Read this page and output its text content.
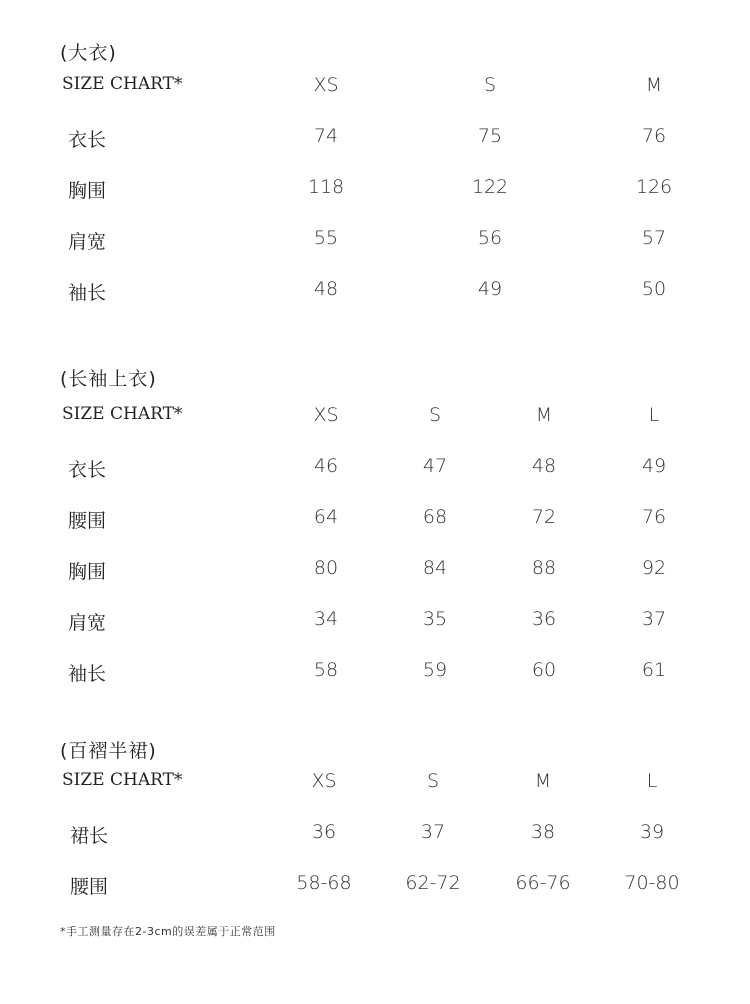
(大衣)
SIZE CHART*	XS	S	M
衣长	74	75	76
胸围	118	122	126
肩宽	55	56	57
袖长	48	49	50
(长袖上衣)
SIZE CHART*	XS	S	M	L
衣长	46	47	48	49
腰围	64	68	72	76
胸围	80	84	88	92
肩宽	34	35	36	37
袖长	58	59	60	61
(百褶半裙)
SIZE CHART*	XS	S	M	L
裙长	36	37	38	39
腰围	58-68	62-72	66-76	70-80
*手工测量存在2-3cm的误差属于正常范围
